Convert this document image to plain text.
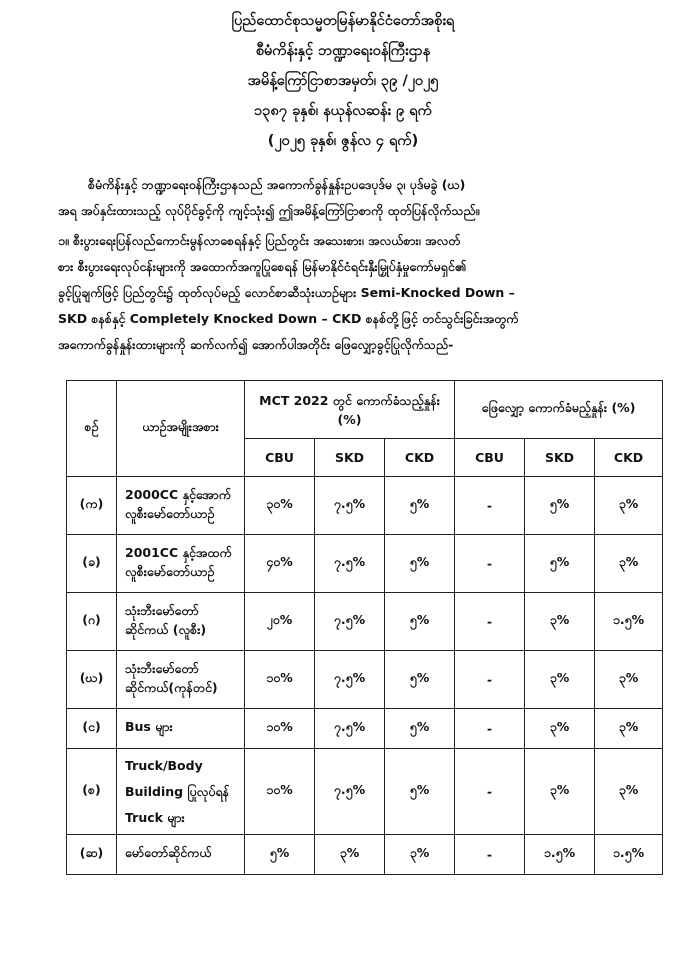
ပြည်ထောင်စုသမ္မတမြန်မာနိုင်ငံတော်အစိုးရ
စီမံကိန်းနှင့် ဘဏ္ဍာရေးဝန်ကြီးဌာန
အမိန့်ကြော်ငြာစာအမှတ်၊ ၃၉ /၂၀၂၅
၁၃၈၇ ခုနှစ်၊ နယုန်လဆန်း ၉ ရက်
(၂၀၂၅ ခုနှစ်၊ ဇွန်လ ၄ ရက်)
စီမံကိန်းနှင့် ဘဏ္ဍာရေးဝန်ကြီးဌာနသည် အကောက်ခွန်နှုန်းဥပဒေပုဒ်မ ၃၊ ပုဒ်မခွဲ (ဃ)
အရ အပ်နှင်းထားသည့် လုပ်ပိုင်ခွင့်ကို ကျင့်သုံး၍ ဤအမိန့်ကြော်ငြာစာကို ထုတ်ပြန်လိုက်သည်။
၁။ စီးပွားရေးပြန်လည်ကောင်းမွန်လာစေရန်နှင့် ပြည်တွင်း အသေးစား၊ အလယ်စား၊ အလတ်
စား စီးပွားရေးလုပ်ငန်းများကို အထောက်အကူပြုစေရန် မြန်မာနိုင်ငံရင်းနှီးမြှုပ်နှံမှုကော်မရှင်၏
ခွင့်ပြုချက်ဖြင့် ပြည်တွင်း၌ ထုတ်လုပ်မည့် လောင်စာဆီသုံးယာဉ်များ Semi-Knocked Down –
SKD စနစ်နှင့် Completely Knocked Down – CKD စနစ်တို့ဖြင့် တင်သွင်းခြင်းအတွက်
အကောက်ခွန်နှုန်းထားများကို ဆက်လက်၍ အောက်ပါအတိုင်း ဖြေလျှော့ခွင့်ပြုလိုက်သည်-
စဉ်	ယာဉ်အမျိုးအစား	MCT 2022 တွင် ကောက်ခံသည့်နှုန်း (%)			ဖြေလျှော့ ကောက်ခံမည့်နှုန်း (%)		
		CBU	SKD	CKD	CBU	SKD	CKD
(က)	2000CC နှင့်အောက်
လူစီးမော်တော်ယာဉ်	၃၀%	၇.၅%	၅%	-	၅%	၃%
(ခ)	2001CC နှင့်အထက်
လူစီးမော်တော်ယာဉ်	၄၀%	၇.၅%	၅%	-	၅%	၃%
(ဂ)	သုံးဘီးမော်တော်
ဆိုင်ကယ် (လူစီး)	၂၀%	၇.၅%	၅%	-	၃%	၁.၅%
(ဃ)	သုံးဘီးမော်တော်
ဆိုင်ကယ်(ကုန်တင်)	၁၀%	၇.၅%	၅%	-	၃%	၃%
(င)	Bus များ	၁၀%	၇.၅%	၅%	-	၃%	၃%
(စ)	Truck/Body
Building ပြုလုပ်ရန်
Truck များ	၁၀%	၇.၅%	၅%	-	၃%	၃%
(ဆ)	မော်တော်ဆိုင်ကယ်	၅%	၃%	၃%	-	၁.၅%	၁.၅%
